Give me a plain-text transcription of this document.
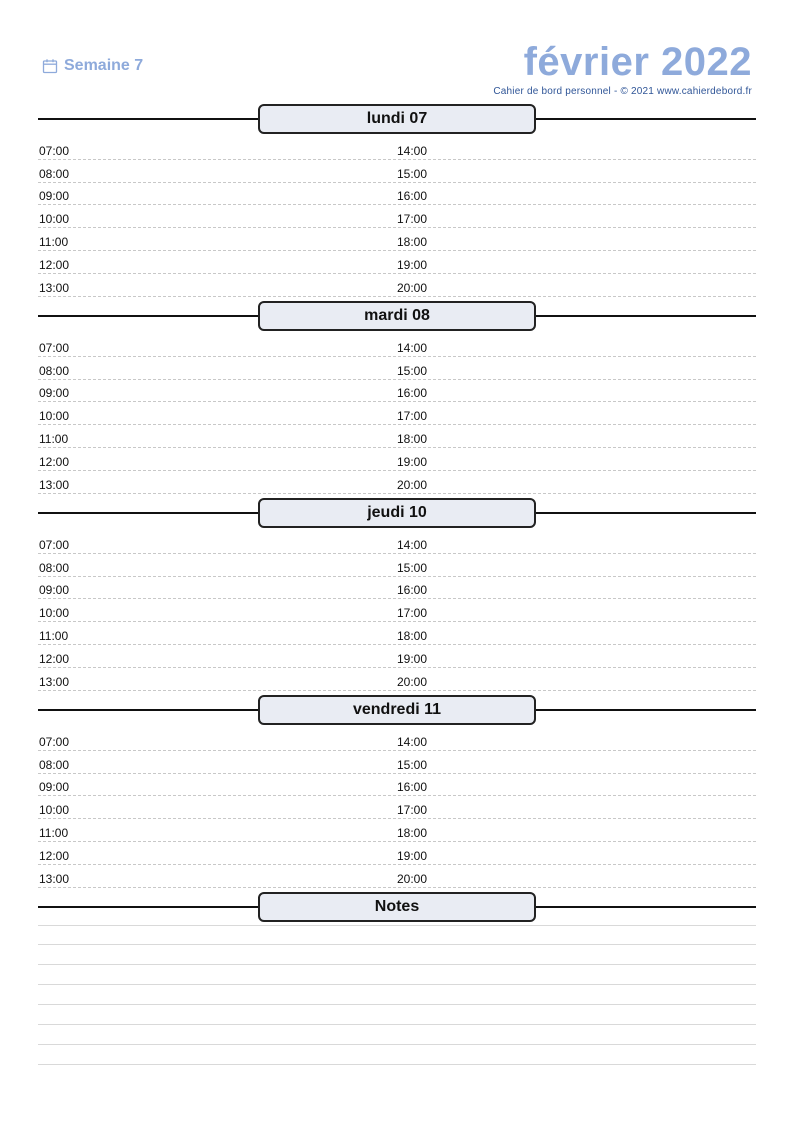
Semaine 7	février 2022
Cahier de bord personnel - © 2021 www.cahierdebord.fr
lundi 07
07:00	14:00
08:00	15:00
09:00	16:00
10:00	17:00
11:00	18:00
12:00	19:00
13:00	20:00
mardi 08
07:00	14:00
08:00	15:00
09:00	16:00
10:00	17:00
11:00	18:00
12:00	19:00
13:00	20:00
jeudi 10
07:00	14:00
08:00	15:00
09:00	16:00
10:00	17:00
11:00	18:00
12:00	19:00
13:00	20:00
vendredi 11
07:00	14:00
08:00	15:00
09:00	16:00
10:00	17:00
11:00	18:00
12:00	19:00
13:00	20:00
Notes
